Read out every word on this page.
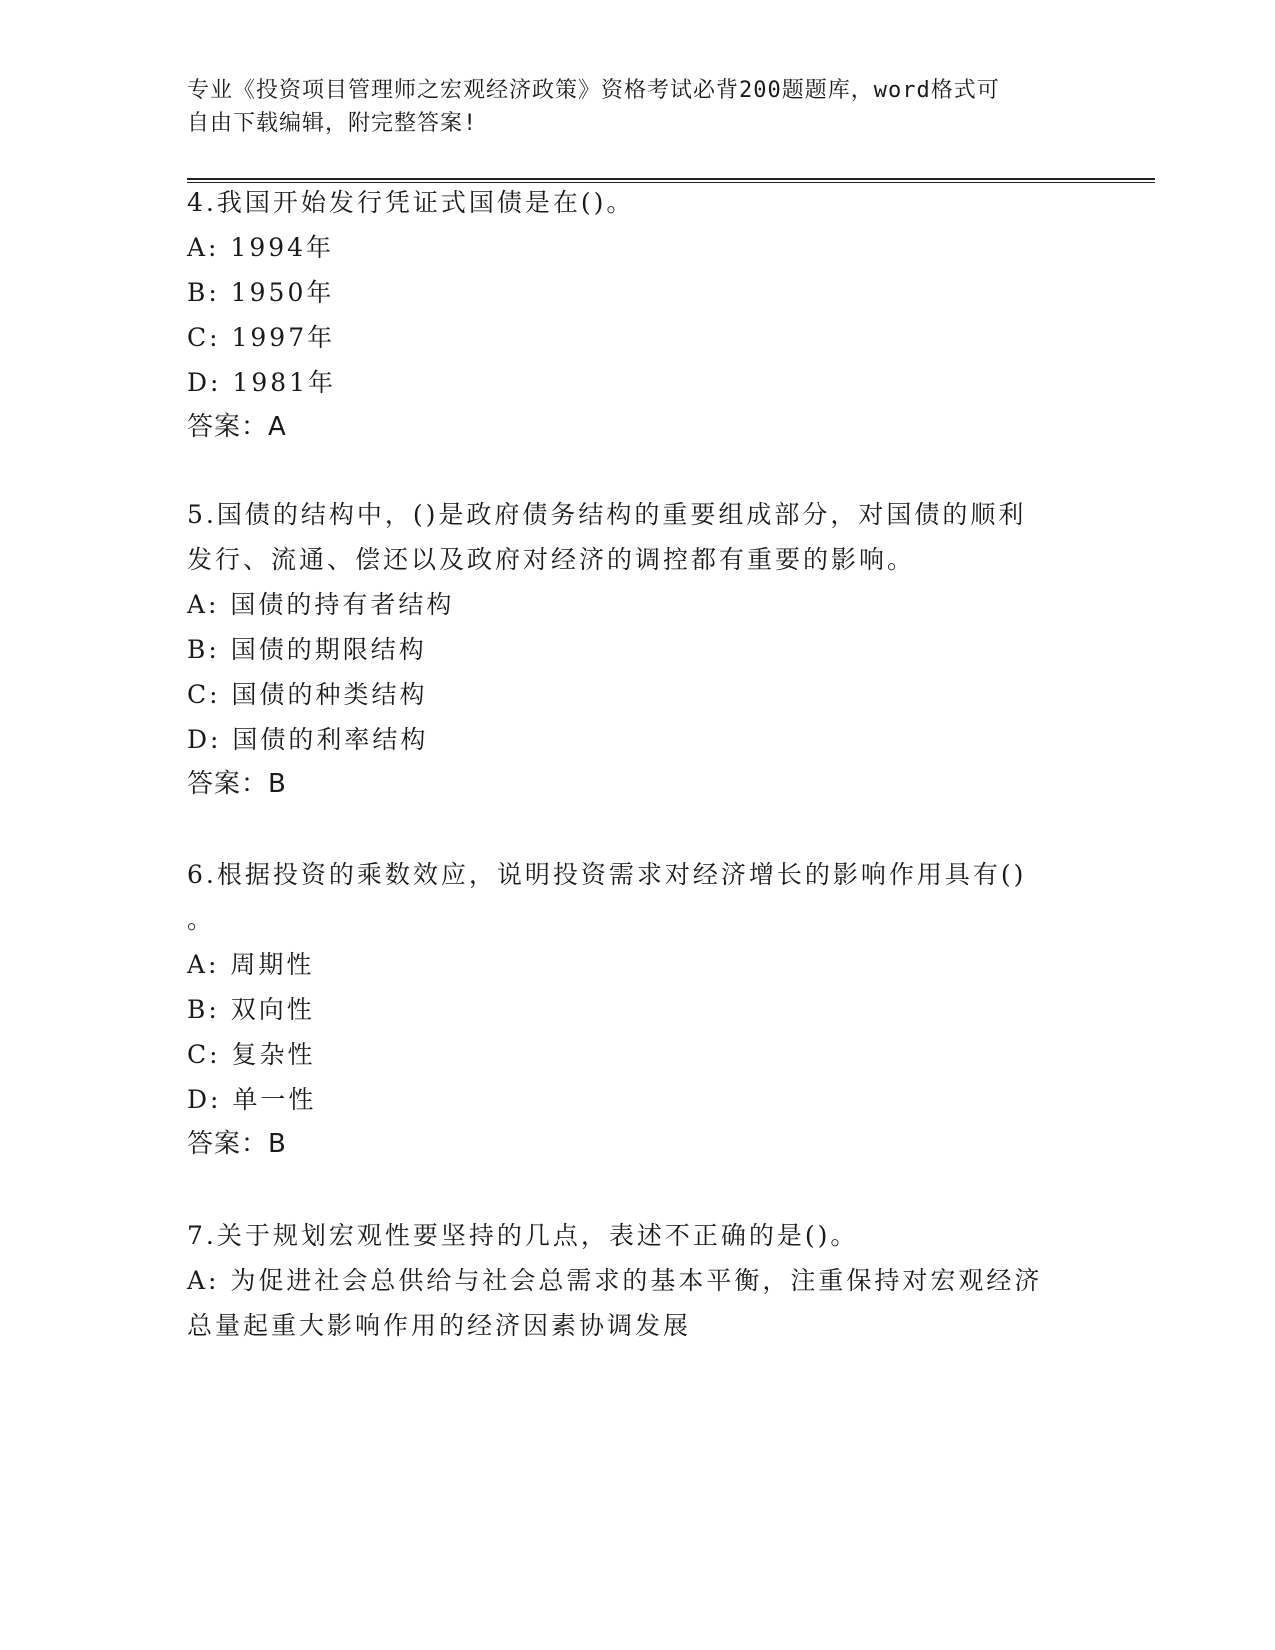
专业《投资项目管理师之宏观经济政策》资格考试必背200题题库，word格式可
自由下载编辑，附完整答案!
4.我国开始发行凭证式国债是在()。
A: 1994年
B: 1950年
C: 1997年
D: 1981年
答案：A
5.国债的结构中，()是政府债务结构的重要组成部分，对国债的顺利
发行、流通、偿还以及政府对经济的调控都有重要的影响。
A: 国债的持有者结构
B: 国债的期限结构
C: 国债的种类结构
D: 国债的利率结构
答案：B
6.根据投资的乘数效应，说明投资需求对经济增长的影响作用具有()
。
A: 周期性
B: 双向性
C: 复杂性
D: 单一性
答案：B
7.关于规划宏观性要坚持的几点，表述不正确的是()。
A: 为促进社会总供给与社会总需求的基本平衡，注重保持对宏观经济
总量起重大影响作用的经济因素协调发展
